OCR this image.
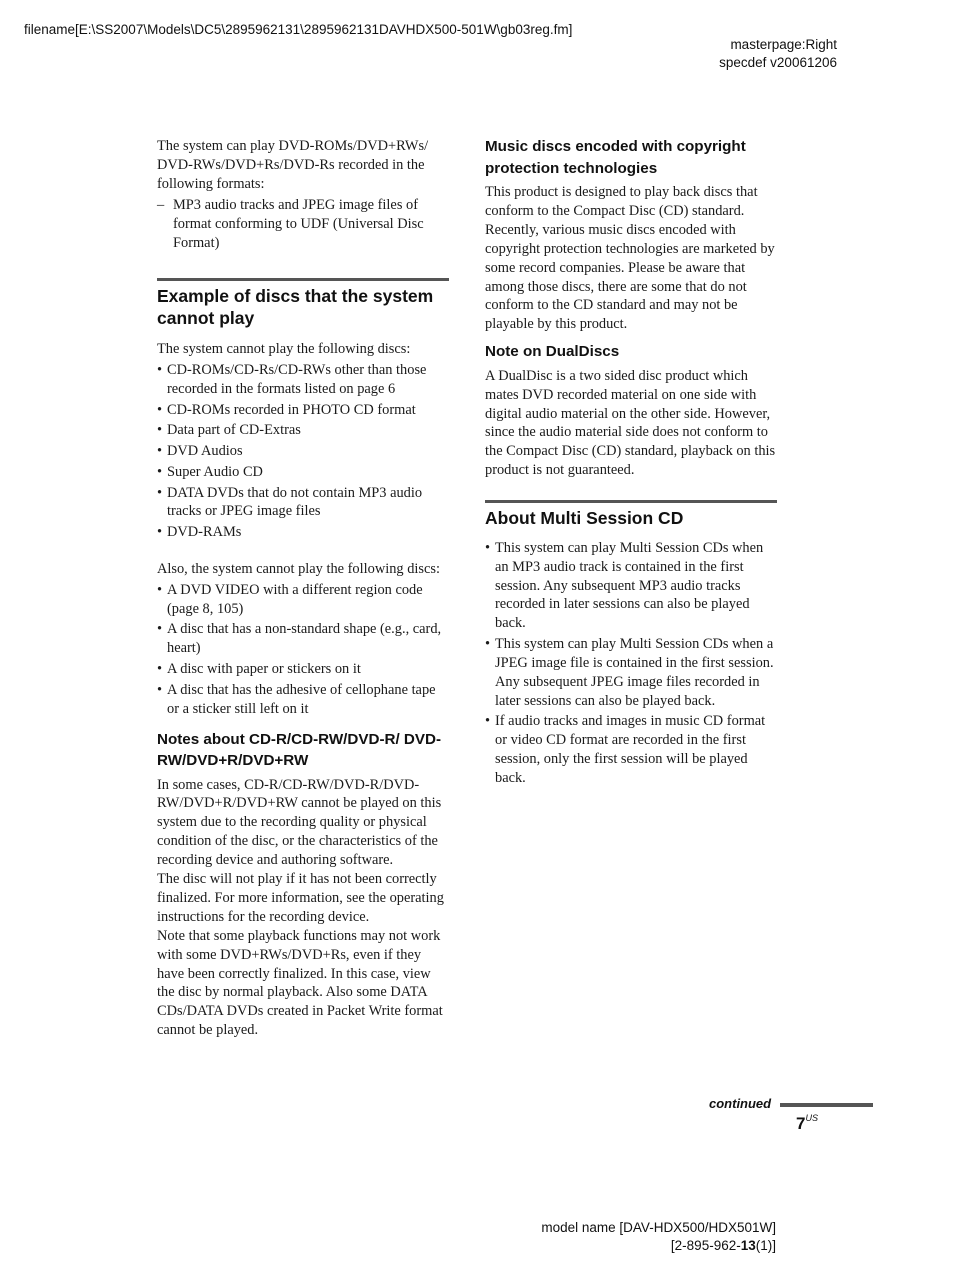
filename[E:\SS2007\Models\DC5\2895962131\2895962131DAVHDX500-501W\gb03reg.fm]
masterpage:Right
specdef v20061206

The system can play DVD-ROMs/DVD+RWs/ DVD-RWs/DVD+Rs/DVD-Rs recorded in the following formats:

– MP3 audio tracks and JPEG image files of format conforming to UDF (Universal Disc Format)
Example of discs that the system cannot play

The system cannot play the following discs:

• CD-ROMs/CD-Rs/CD-RWs other than those recorded in the formats listed on page 6
• CD-ROMs recorded in PHOTO CD format
• Data part of CD-Extras
• DVD Audios
• Super Audio CD
• DATA DVDs that do not contain MP3 audio tracks or JPEG image files
• DVD-RAMs

Also, the system cannot play the following discs:

• A DVD VIDEO with a different region code (page 8, 105)
• A disc that has a non-standard shape (e.g., card, heart)
• A disc with paper or stickers on it
• A disc that has the adhesive of cellophane tape or a sticker still left on it
Notes about CD-R/CD-RW/DVD-R/ DVD-RW/DVD+R/DVD+RW

In some cases, CD-R/CD-RW/DVD-R/DVD-RW/DVD+R/DVD+RW cannot be played on this system due to the recording quality or physical condition of the disc, or the characteristics of the recording device and authoring software.

The disc will not play if it has not been correctly finalized. For more information, see the operating instructions for the recording device.

Note that some playback functions may not work with some DVD+RWs/DVD+Rs, even if they have been correctly finalized. In this case, view the disc by normal playback. Also some DATA CDs/DATA DVDs created in Packet Write format cannot be played.

Music discs encoded with copyright protection technologies

This product is designed to play back discs that conform to the Compact Disc (CD) standard. Recently, various music discs encoded with copyright protection technologies are marketed by some record companies. Please be aware that among those discs, there are some that do not conform to the CD standard and may not be playable by this product.

Note on DualDiscs

A DualDisc is a two sided disc product which mates DVD recorded material on one side with digital audio material on the other side. However, since the audio material side does not conform to the Compact Disc (CD) standard, playback on this product is not guaranteed.

About Multi Session CD
• This system can play Multi Session CDs when an MP3 audio track is contained in the first session. Any subsequent MP3 audio tracks recorded in later sessions can also be played back.
• This system can play Multi Session CDs when a JPEG image file is contained in the first session. Any subsequent JPEG image files recorded in later sessions can also be played back.
• If audio tracks and images in music CD format or video CD format are recorded in the first session, only the first session will be played back.
continued
$7^{US}$
model name [DAV-HDX500/HDX501W]
[2-895-962-13(1)]
